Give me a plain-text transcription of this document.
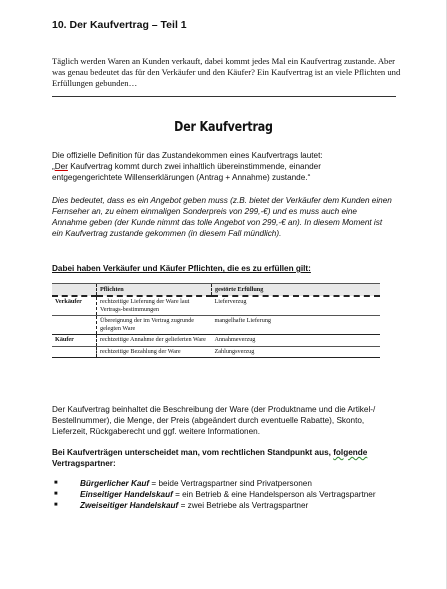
10. Der Kaufvertrag – Teil 1
Täglich werden Waren an Kunden verkauft, dabei kommt jedes Mal ein Kaufvertrag zustande. Aber was genau bedeutet das für den Verkäufer und den Käufer? Ein Kaufvertrag ist an viele Pflichten und Erfüllungen gebunden…
Der Kaufvertrag
Die offizielle Definition für das Zustandekommen eines Kaufvertrags lautet:
„Der Kaufvertrag kommt durch zwei inhaltlich übereinstimmende, einander entgegengerichtete Willenserklärungen (Antrag + Annahme) zustande.“
Dies bedeutet, dass es ein Angebot geben muss (z.B. bietet der Verkäufer dem Kunden einen Fernseher an, zu einem einmaligen Sonderpreis von 299,-€) und es muss auch eine Annahme geben (der Kunde nimmt das tolle Angebot von 299,-€ an). In diesem Moment ist ein Kaufvertrag zustande gekommen (in diesem Fall mündlich).
Dabei haben Verkäufer und Käufer Pflichten, die es zu erfüllen gilt:
	Pflichten	gestörte Erfüllung
Verkäufer	rechtzeitige Lieferung der Ware laut Vertrags-bestimmungen	Lieferverzug
	Übereignung der im Vertrag zugrunde gelegten Ware	mangelhafte Lieferung
Käufer	rechtzeitige Annahme der gelieferten Ware	Annahmeverzug
	rechtzeitige Bezahlung der Ware	Zahlungsverzug
Der Kaufvertrag beinhaltet die Beschreibung der Ware (der Produktname und die Artikel-/ Bestellnummer), die Menge, der Preis (abgeändert durch eventuelle Rabatte), Skonto, Lieferzeit, Rückgaberecht und ggf. weitere Informationen.
Bei Kaufverträgen unterscheidet man, vom rechtlichen Standpunkt aus, folgende Vertragspartner:
■	Bürgerlicher Kauf = beide Vertragspartner sind Privatpersonen
■	Einseitiger Handelskauf = ein Betrieb & eine Handelsperson als Vertragspartner
■	Zweiseitiger Handelskauf = zwei Betriebe als Vertragspartner
